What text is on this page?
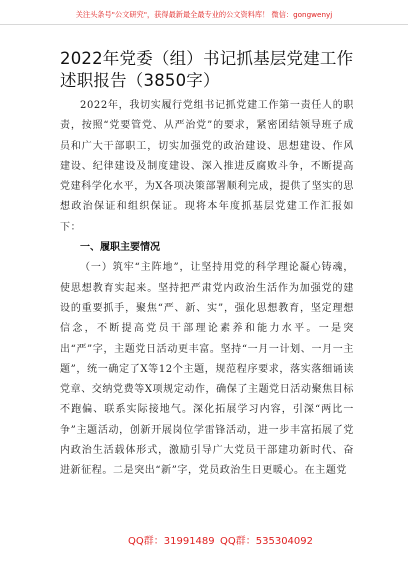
关注头条号"公文研究"，获得最新最全最专业的公文资料库！ 微信：gongwenyj
2022年党委（组）书记抓基层党建工作述职报告（3850字）

2022年，我切实履行党组书记抓党建工作第一责任人的职责，按照“党要管党、从严治党”的要求，紧密团结领导班子成员和广大干部职工，切实加强党的政治建设、思想建设、作风建设、纪律建设及制度建设、深入推进反腐败斗争，不断提高党建科学化水平，为X各项决策部署顺利完成，提供了坚实的思想政治保证和组织保证。现将本年度抓基层党建工作汇报如下：

一、履职主要情况

（一）筑牢“主阵地”，让坚持用党的科学理论凝心铸魂，使思想教育实起来。坚持把严肃党内政治生活作为加强党的建设的重要抓手，聚焦“严、新、实”，强化思想教育，坚定理想信念，不断提高党员干部理论素养和能力水平。一是突出“严”字，主题党日活动更丰富。坚持“一月一计划、一月一主题”，统一确定了X等12个主题，规范程序要求，落实落细诵读党章、交纳党费等X项规定动作，确保了主题党日活动聚焦目标不跑偏、联系实际接地气。深化拓展学习内容，引深“两比一争”主题活动，创新开展岗位学雷锋活动，进一步丰富拓展了党内政治生活载体形式，激励引导广大党员干部建功新时代、奋进新征程。二是突出“新”字，党员政治生日更暖心。在主题党

QQ群：31991489 QQ群：535304092
